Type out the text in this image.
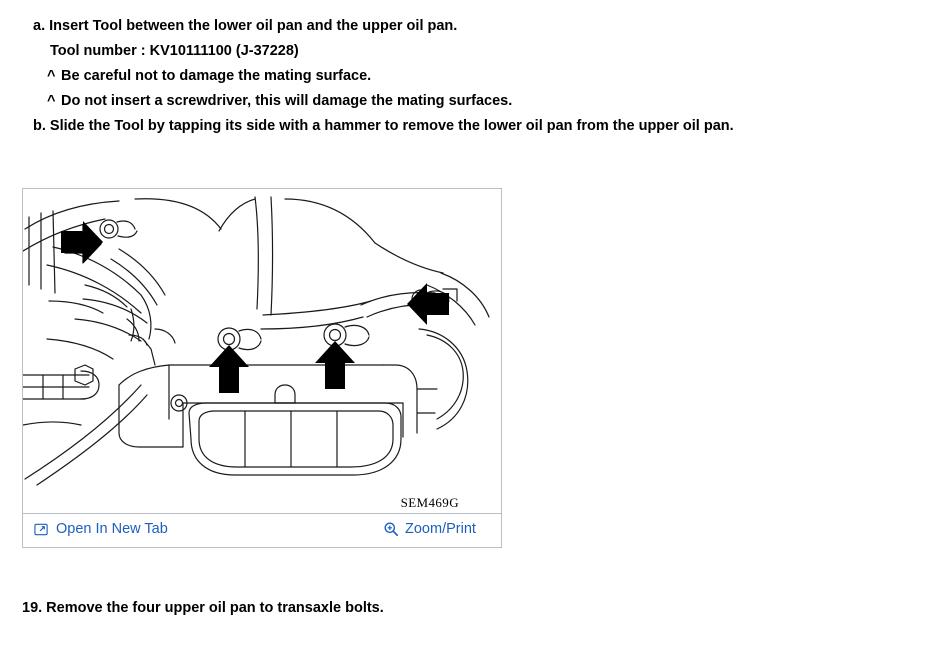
a. Insert Tool between the lower oil pan and the upper oil pan.
Tool number : KV10111100 (J-37228)
^ Be careful not to damage the mating surface.
^ Do not insert a screwdriver, this will damage the mating surfaces.
b. Slide the Tool by tapping its side with a hammer to remove the lower oil pan from the upper oil pan.
SEM469G
Open In New Tab	Zoom/Print
19. Remove the four upper oil pan to transaxle bolts.
